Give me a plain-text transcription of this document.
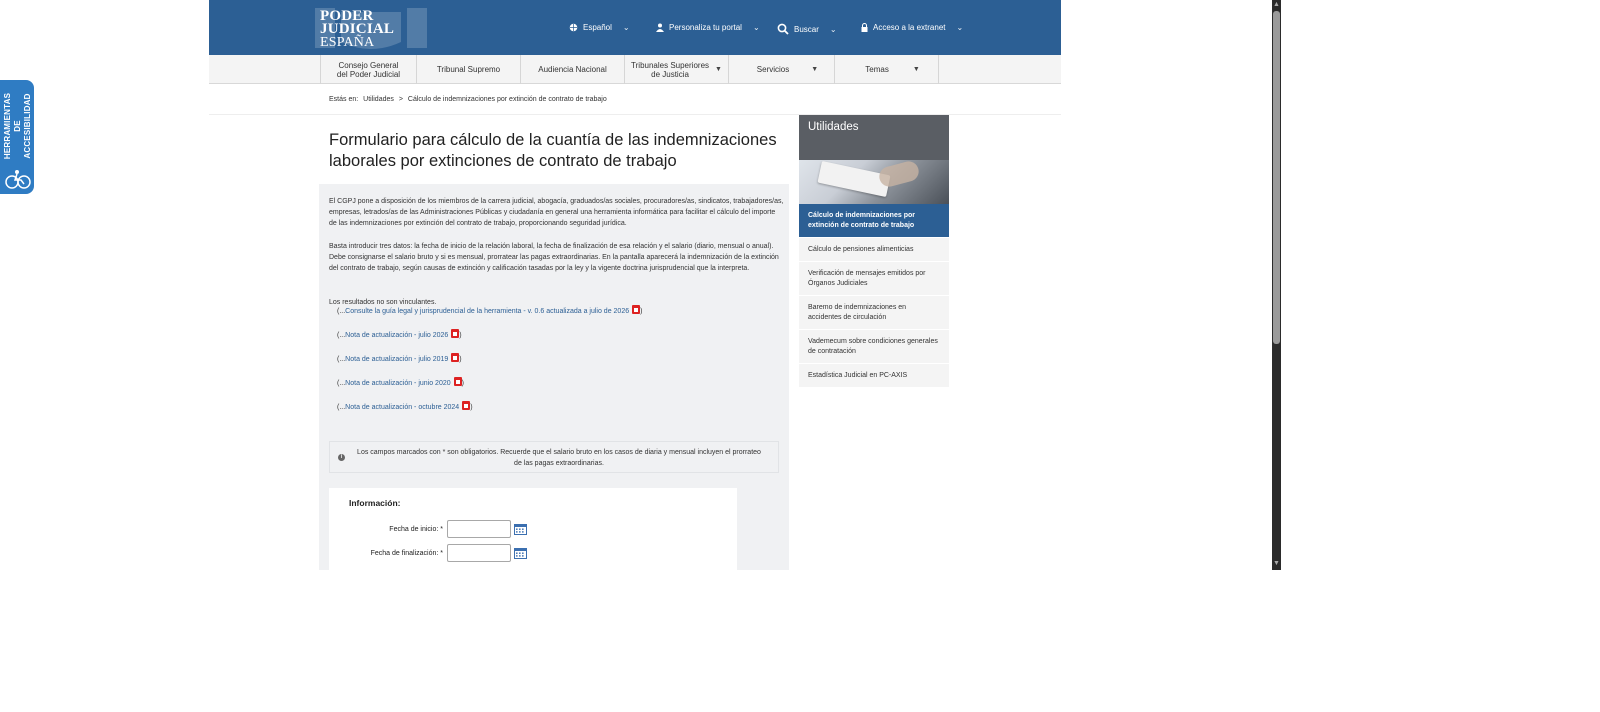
HERRAMIENTAS DE ACCESIBILIDAD
◀
PODER
JUDICIAL
ESPAÑA
Español ⌄	Personaliza tu portal ⌄	Buscar ⌄	Acceso a la extranet ⌄
Consejo General del Poder Judicial	Tribunal Supremo	Audiencia Nacional	Tribunales Superiores de Justicia	▼	Servicios	▼	Temas	▼
Estás en: Utilidades > Cálculo de indemnizaciones por extinción de contrato de trabajo
Formulario para cálculo de la cuantía de las indemnizaciones laborales por extinciones de contrato de trabajo

El CGPJ pone a disposición de los miembros de la carrera judicial, abogacía, graduados/as sociales, procuradores/as, sindicatos, trabajadores/as, empresas, letrados/as de las Administraciones Públicas y ciudadanía en general una herramienta informática para facilitar el cálculo del importe de las indemnizaciones por extinción del contrato de trabajo, proporcionando seguridad jurídica.

Basta introducir tres datos: la fecha de inicio de la relación laboral, la fecha de finalización de esa relación y el salario (diario, mensual o anual). Debe consignarse el salario bruto y si es mensual, prorratear las pagas extraordinarias. En la pantalla aparecerá la indemnización de la extinción del contrato de trabajo, según causas de extinción y calificación tasadas por la ley y la vigente doctrina jurisprudencial que la interpreta.

Los resultados no son vinculantes.

(... Consulte la guía legal y jurisprudencial de la herramienta - v. 0.6 actualizada a julio de 2026 )
(... Nota de actualización - julio 2026 )
(... Nota de actualización - julio 2019 )
(... Nota de actualización - junio 2020 )
(... Nota de actualización - octubre 2024 )
i
Los campos marcados con * son obligatorios. Recuerde que el salario bruto en los casos de diaria y mensual incluyen el prorrateo de las pagas extraordinarias.
Información:
Fecha de inicio: *
Fecha de finalización: *
Utilidades
Cálculo de indemnizaciones por extinción de contrato de trabajo
Cálculo de pensiones alimenticias
Verificación de mensajes emitidos por Órganos Judiciales
Baremo de indemnizaciones en accidentes de circulación
Vademecum sobre condiciones generales de contratación
Estadística Judicial en PC-AXIS
▲
▼
